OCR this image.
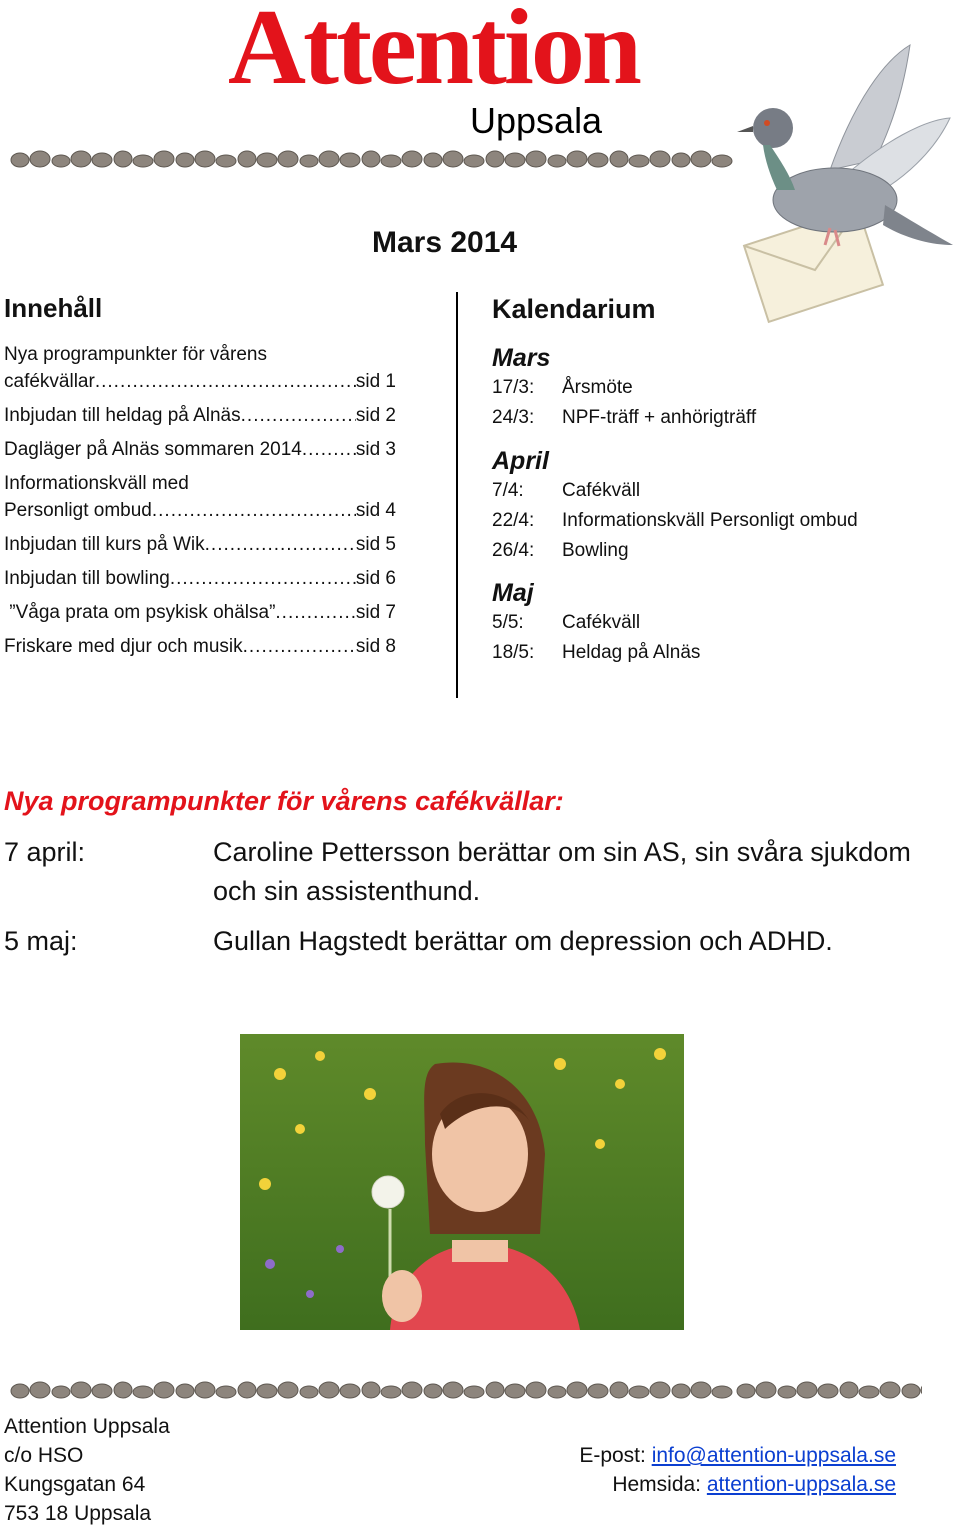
Attention
Uppsala
Mars 2014
Innehåll
Nya programpunkter för vårens
cafékvällar .....	sid 1
Inbjudan till heldag på Alnäs .....	sid 2
Dagläger på Alnäs sommaren 2014 .....	sid 3
Informationskväll med
Personligt ombud .....	sid 4
Inbjudan till kurs på Wik .....	sid 5
Inbjudan till bowling .....	sid 6
”Våga prata om psykisk ohälsa” .....	sid 7
Friskare med djur och musik .....	sid 8
Kalendarium
Mars
17/3:	Årsmöte
24/3:	NPF-träff + anhörigträff
April
7/4:	Cafékväll
22/4:	Informationskväll Personligt ombud
26/4:	Bowling
Maj
5/5:	Cafékväll
18/5:	Heldag på Alnäs
Nya programpunkter för vårens cafékvällar:
7 april:	Caroline Pettersson berättar om sin AS, sin svåra sjukdom och sin assistenthund.
5 maj:	Gullan Hagstedt berättar om depression och ADHD.
Attention Uppsala
c/o HSO
Kungsgatan 64
753 18 Uppsala
E-post: info@attention-uppsala.se
Hemsida: attention-uppsala.se
